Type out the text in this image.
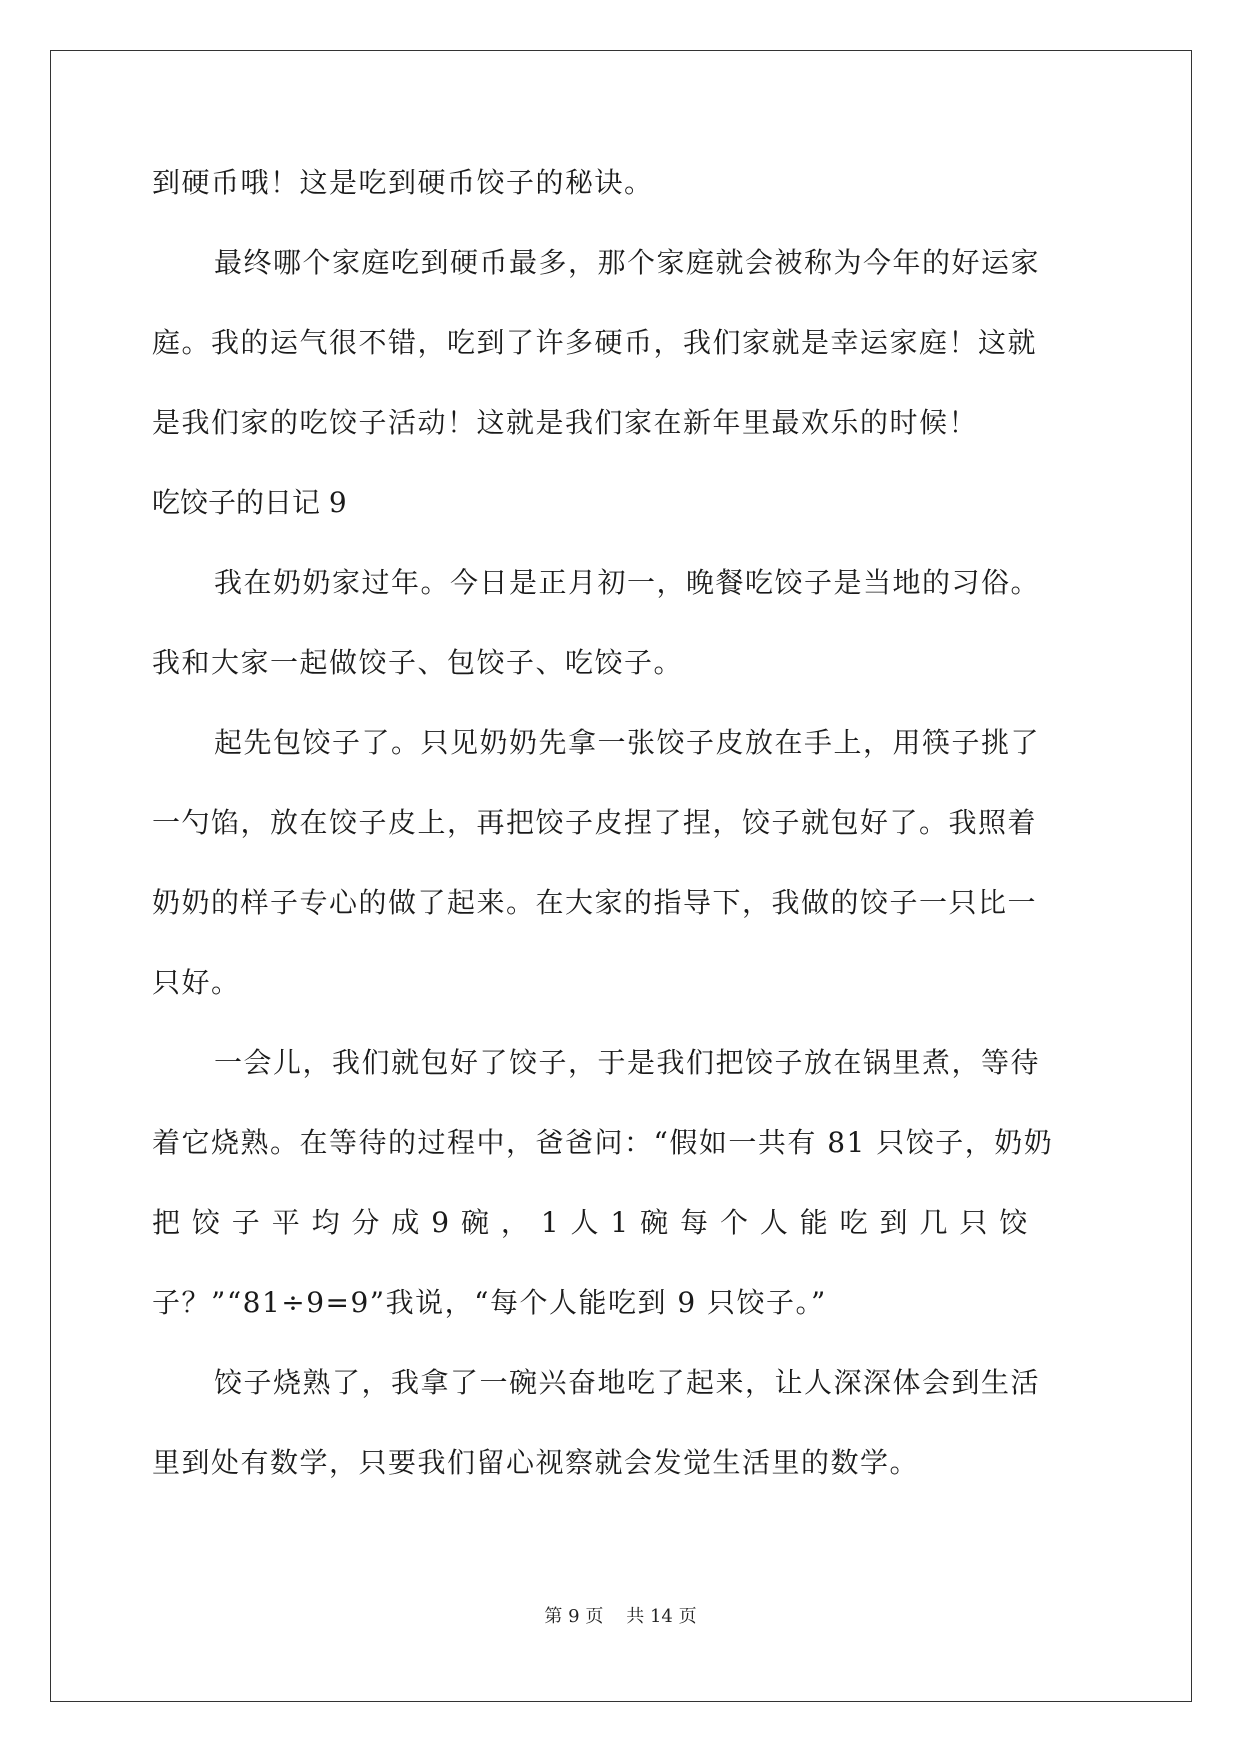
到硬币哦！这是吃到硬币饺子的秘诀。
最终哪个家庭吃到硬币最多，那个家庭就会被称为今年的好运家
庭。我的运气很不错，吃到了许多硬币，我们家就是幸运家庭！这就
是我们家的吃饺子活动！这就是我们家在新年里最欢乐的时候！
吃饺子的日记 9
我在奶奶家过年。今日是正月初一，晚餐吃饺子是当地的习俗。
我和大家一起做饺子、包饺子、吃饺子。
起先包饺子了。只见奶奶先拿一张饺子皮放在手上，用筷子挑了
一勺馅，放在饺子皮上，再把饺子皮捏了捏，饺子就包好了。我照着
奶奶的样子专心的做了起来。在大家的指导下，我做的饺子一只比一
只好。
一会儿，我们就包好了饺子，于是我们把饺子放在锅里煮，等待
着它烧熟。在等待的过程中，爸爸问：“假如一共有 81 只饺子，奶奶
把 饺 子 平 均 分 成 9 碗 ， 1 人 1 碗 每 个 人 能 吃 到 几 只 饺
子？”“81÷9=9”我说，“每个人能吃到 9 只饺子。”
饺子烧熟了，我拿了一碗兴奋地吃了起来，让人深深体会到生活
里到处有数学，只要我们留心视察就会发觉生活里的数学。
第 9 页 共 14 页
